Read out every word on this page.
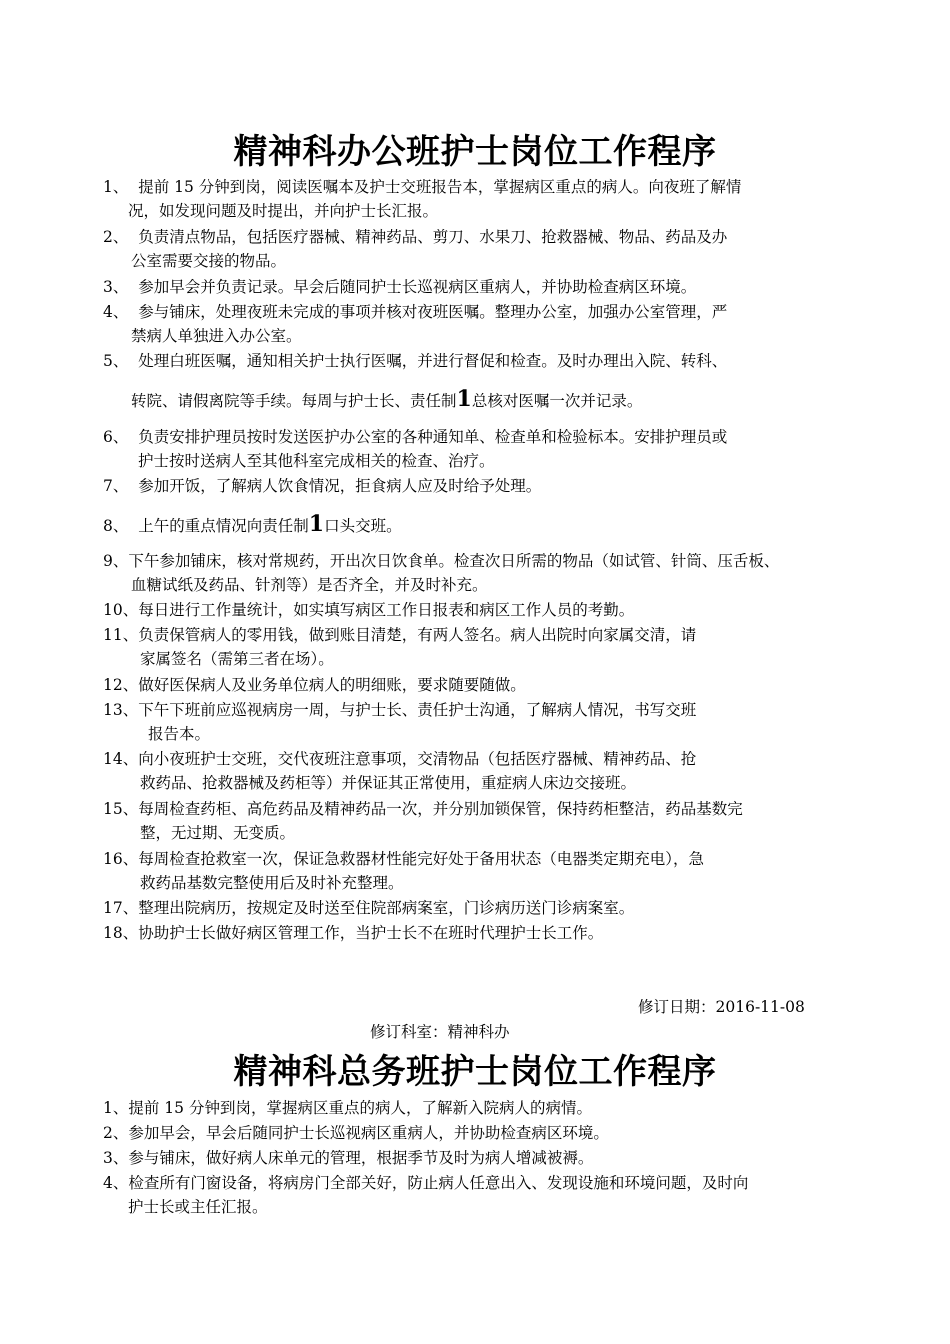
精神科办公班护士岗位工作程序
1、 提前 15 分钟到岗，阅读医嘱本及护士交班报告本，掌握病区重点的病人。向夜班了解情
况，如发现问题及时提出，并向护士长汇报。
2、 负责清点物品，包括医疗器械、精神药品、剪刀、水果刀、抢救器械、物品、药品及办
公室需要交接的物品。
3、 参加早会并负责记录。早会后随同护士长巡视病区重病人，并协助检查病区环境。
4、 参与铺床，处理夜班未完成的事项并核对夜班医嘱。整理办公室，加强办公室管理，严
禁病人单独进入办公室。
5、 处理白班医嘱，通知相关护士执行医嘱，并进行督促和检查。及时办理出入院、转科、
转院、请假离院等手续。每周与护士长、责任制1总核对医嘱一次并记录。
6、 负责安排护理员按时发送医护办公室的各种通知单、检查单和检验标本。安排护理员或
护士按时送病人至其他科室完成相关的检查、治疗。
7、 参加开饭，了解病人饮食情况，拒食病人应及时给予处理。
8、 上午的重点情况向责任制1口头交班。
9、下午参加铺床，核对常规药，开出次日饮食单。检查次日所需的物品（如试管、针筒、压舌板、
血糖试纸及药品、针剂等）是否齐全，并及时补充。
10、每日进行工作量统计，如实填写病区工作日报表和病区工作人员的考勤。
11、负责保管病人的零用钱，做到账目清楚，有两人签名。病人出院时向家属交清，请
家属签名（需第三者在场）。
12、做好医保病人及业务单位病人的明细账，要求随要随做。
13、下午下班前应巡视病房一周，与护士长、责任护士沟通，了解病人情况，书写交班
报告本。
14、向小夜班护士交班，交代夜班注意事项，交清物品（包括医疗器械、精神药品、抢
救药品、抢救器械及药柜等）并保证其正常使用，重症病人床边交接班。
15、每周检查药柜、高危药品及精神药品一次，并分别加锁保管，保持药柜整洁，药品基数完
整，无过期、无变质。
16、每周检查抢救室一次，保证急救器材性能完好处于备用状态（电器类定期充电），急
救药品基数完整使用后及时补充整理。
17、整理出院病历，按规定及时送至住院部病案室，门诊病历送门诊病案室。
18、协助护士长做好病区管理工作，当护士长不在班时代理护士长工作。
修订日期：2016-11-08
修订科室：精神科办
精神科总务班护士岗位工作程序
1、提前 15 分钟到岗，掌握病区重点的病人，了解新入院病人的病情。
2、参加早会，早会后随同护士长巡视病区重病人，并协助检查病区环境。
3、参与铺床，做好病人床单元的管理，根据季节及时为病人增减被褥。
4、检查所有门窗设备，将病房门全部关好，防止病人任意出入、发现设施和环境问题，及时向
护士长或主任汇报。
